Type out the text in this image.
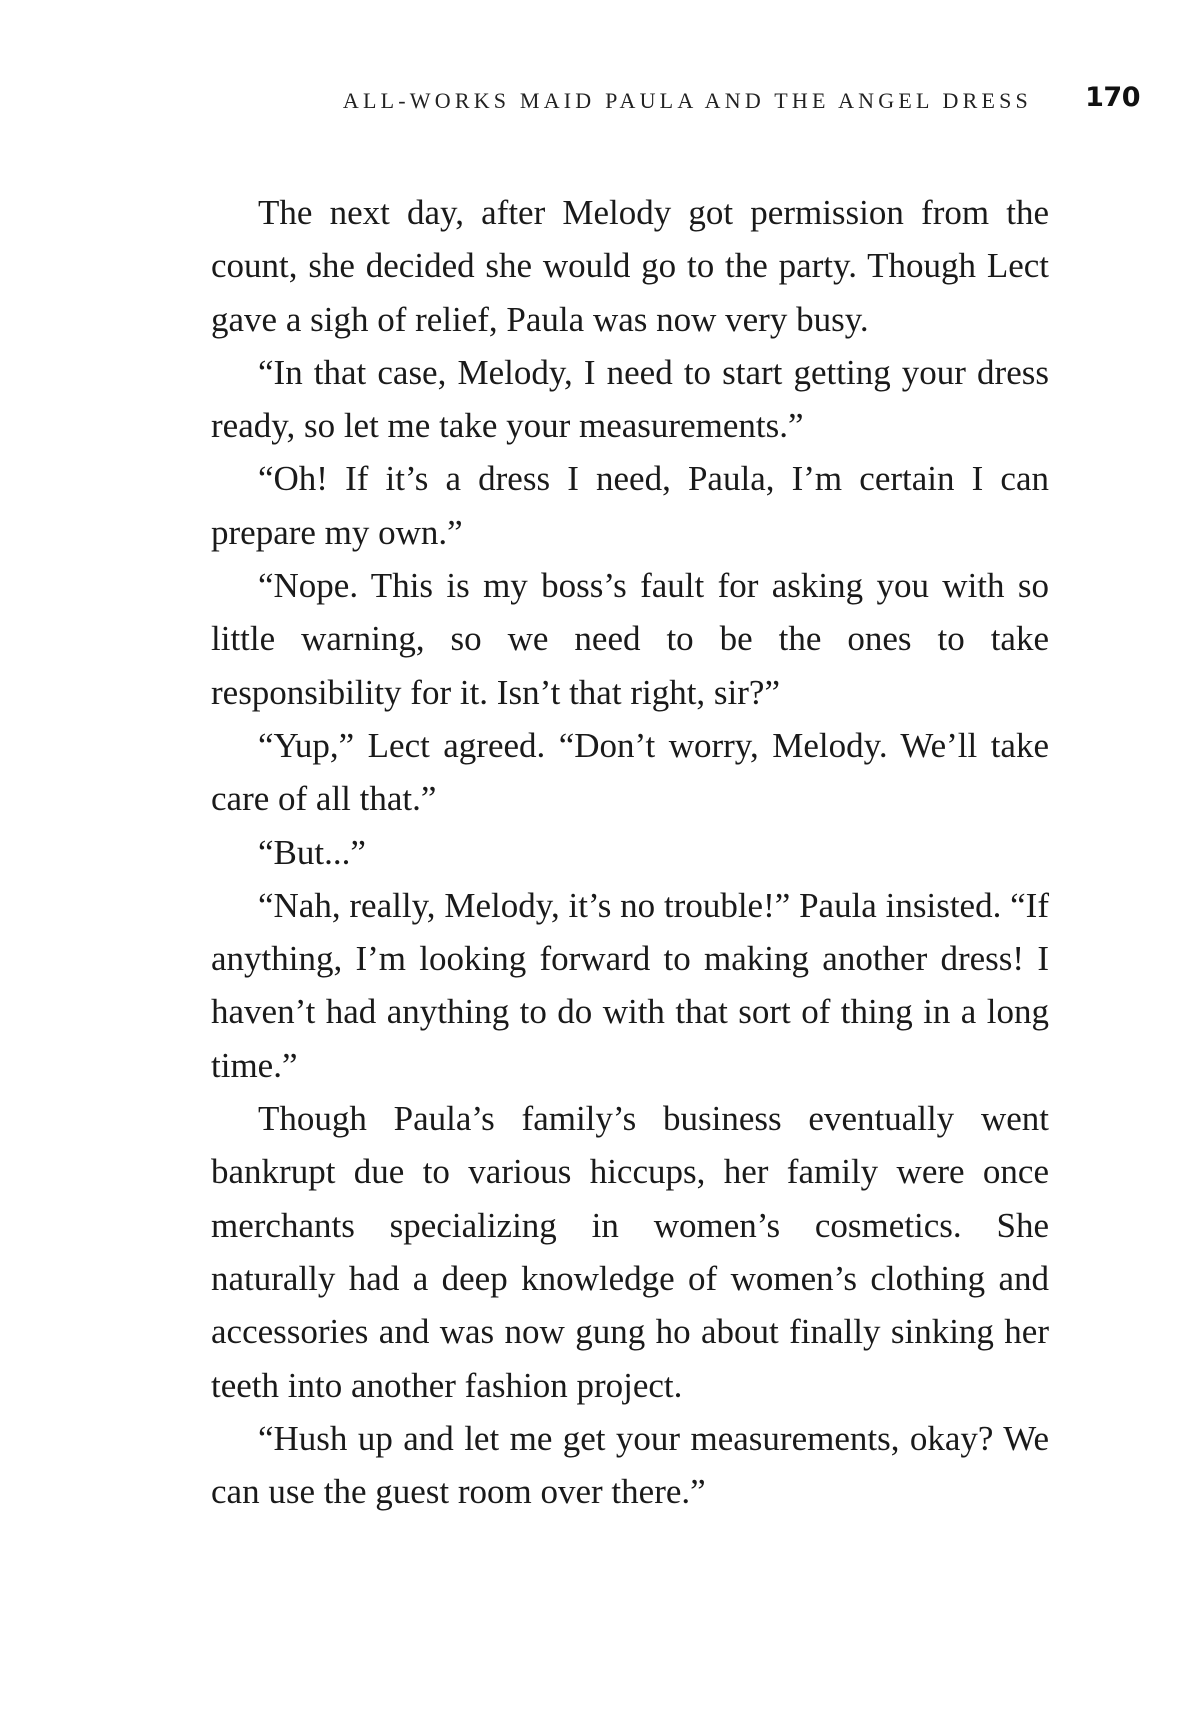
ALL-WORKS MAID PAULA AND THE ANGEL DRESS 170

The next day, after Melody got permission from the count, she decided she would go to the party. Though Lect gave a sigh of relief, Paula was now very busy.

“In that case, Melody, I need to start getting your dress ready, so let me take your measurements.”

“Oh! If it’s a dress I need, Paula, I’m certain I can prepare my own.”

“Nope. This is my boss’s fault for asking you with so little warning, so we need to be the ones to take responsibility for it. Isn’t that right, sir?”

“Yup,” Lect agreed. “Don’t worry, Melody. We’ll take care of all that.”

“But...”

“Nah, really, Melody, it’s no trouble!” Paula insisted. “If anything, I’m looking forward to making another dress! I haven’t had anything to do with that sort of thing in a long time.”

Though Paula’s family’s business eventually went bankrupt due to various hiccups, her family were once merchants specializing in women’s cosmetics. She naturally had a deep knowledge of women’s clothing and accessories and was now gung ho about finally sinking her teeth into another fashion project.

“Hush up and let me get your measurements, okay? We can use the guest room over there.”
